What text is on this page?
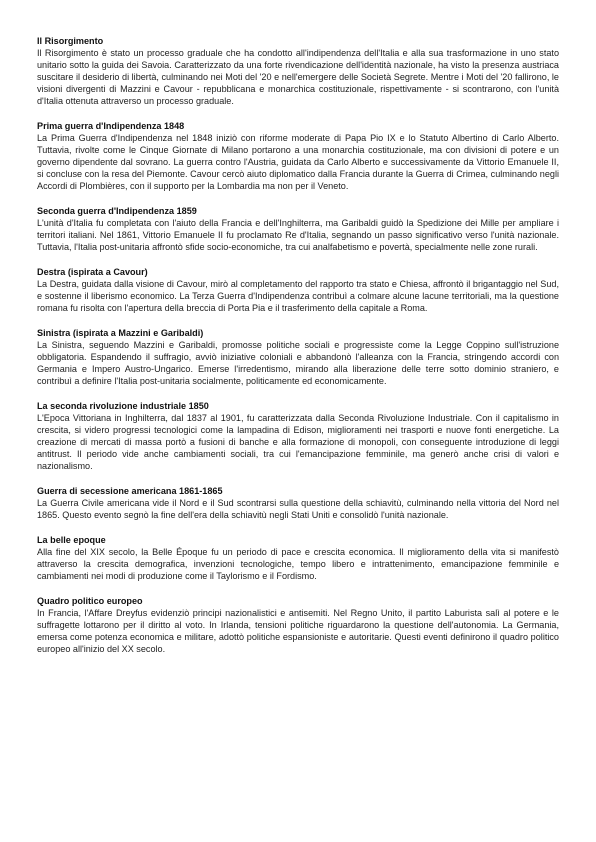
Il Risorgimento

Il Risorgimento è stato un processo graduale che ha condotto all'indipendenza dell'Italia e alla sua trasformazione in uno stato unitario sotto la guida dei Savoia. Caratterizzato da una forte rivendicazione dell'identità nazionale, ha visto la presenza austriaca suscitare il desiderio di libertà, culminando nei Moti del '20 e nell'emergere delle Società Segrete. Mentre i Moti del '20 fallirono, le visioni divergenti di Mazzini e Cavour - repubblicana e monarchica costituzionale, rispettivamente - si scontrarono, con l'unità d'Italia ottenuta attraverso un processo graduale.

Prima guerra d'Indipendenza 1848

La Prima Guerra d'Indipendenza nel 1848 iniziò con riforme moderate di Papa Pio IX e lo Statuto Albertino di Carlo Alberto. Tuttavia, rivolte come le Cinque Giornate di Milano portarono a una monarchia costituzionale, ma con divisioni di potere e un governo dipendente dal sovrano. La guerra contro l'Austria, guidata da Carlo Alberto e successivamente da Vittorio Emanuele II, si concluse con la resa del Piemonte. Cavour cercò aiuto diplomatico dalla Francia durante la Guerra di Crimea, culminando negli Accordi di Plombières, con il supporto per la Lombardia ma non per il Veneto.

Seconda guerra d'Indipendenza 1859

L'unità d'Italia fu completata con l'aiuto della Francia e dell'Inghilterra, ma Garibaldi guidò la Spedizione dei Mille per ampliare i territori italiani. Nel 1861, Vittorio Emanuele II fu proclamato Re d'Italia, segnando un passo significativo verso l'unità nazionale. Tuttavia, l'Italia post-unitaria affrontò sfide socio-economiche, tra cui analfabetismo e povertà, specialmente nelle zone rurali.

Destra (ispirata a Cavour)

La Destra, guidata dalla visione di Cavour, mirò al completamento del rapporto tra stato e Chiesa, affrontò il brigantaggio nel Sud, e sostenne il liberismo economico. La Terza Guerra d'Indipendenza contribuì a colmare alcune lacune territoriali, ma la questione romana fu risolta con l'apertura della breccia di Porta Pia e il trasferimento della capitale a Roma.

Sinistra (ispirata a Mazzini e Garibaldi)

La Sinistra, seguendo Mazzini e Garibaldi, promosse politiche sociali e progressiste come la Legge Coppino sull'istruzione obbligatoria. Espandendo il suffragio, avviò iniziative coloniali e abbandonò l'alleanza con la Francia, stringendo accordi con Germania e Impero Austro-Ungarico. Emerse l'irredentismo, mirando alla liberazione delle terre sotto dominio straniero, e contribuì a definire l'Italia post-unitaria socialmente, politicamente ed economicamente.

La seconda rivoluzione industriale 1850

L'Epoca Vittoriana in Inghilterra, dal 1837 al 1901, fu caratterizzata dalla Seconda Rivoluzione Industriale. Con il capitalismo in crescita, si videro progressi tecnologici come la lampadina di Edison, miglioramenti nei trasporti e nuove fonti energetiche. La creazione di mercati di massa portò a fusioni di banche e alla formazione di monopoli, con conseguente introduzione di leggi antitrust. Il periodo vide anche cambiamenti sociali, tra cui l'emancipazione femminile, ma generò anche crisi di valori e nazionalismo.

Guerra di secessione americana 1861-1865

La Guerra Civile americana vide il Nord e il Sud scontrarsi sulla questione della schiavitù, culminando nella vittoria del Nord nel 1865. Questo evento segnò la fine dell'era della schiavitù negli Stati Uniti e consolidò l'unità nazionale.

La belle epoque

Alla fine del XIX secolo, la Belle Époque fu un periodo di pace e crescita economica. Il miglioramento della vita si manifestò attraverso la crescita demografica, invenzioni tecnologiche, tempo libero e intrattenimento, emancipazione femminile e cambiamenti nei modi di produzione come il Taylorismo e il Fordismo.

Quadro politico europeo

In Francia, l'Affare Dreyfus evidenziò principi nazionalistici e antisemiti. Nel Regno Unito, il partito Laburista salì al potere e le suffragette lottarono per il diritto al voto. In Irlanda, tensioni politiche riguardarono la questione dell'autonomia. La Germania, emersa come potenza economica e militare, adottò politiche espansioniste e autoritarie. Questi eventi definirono il quadro politico europeo all'inizio del XX secolo.
